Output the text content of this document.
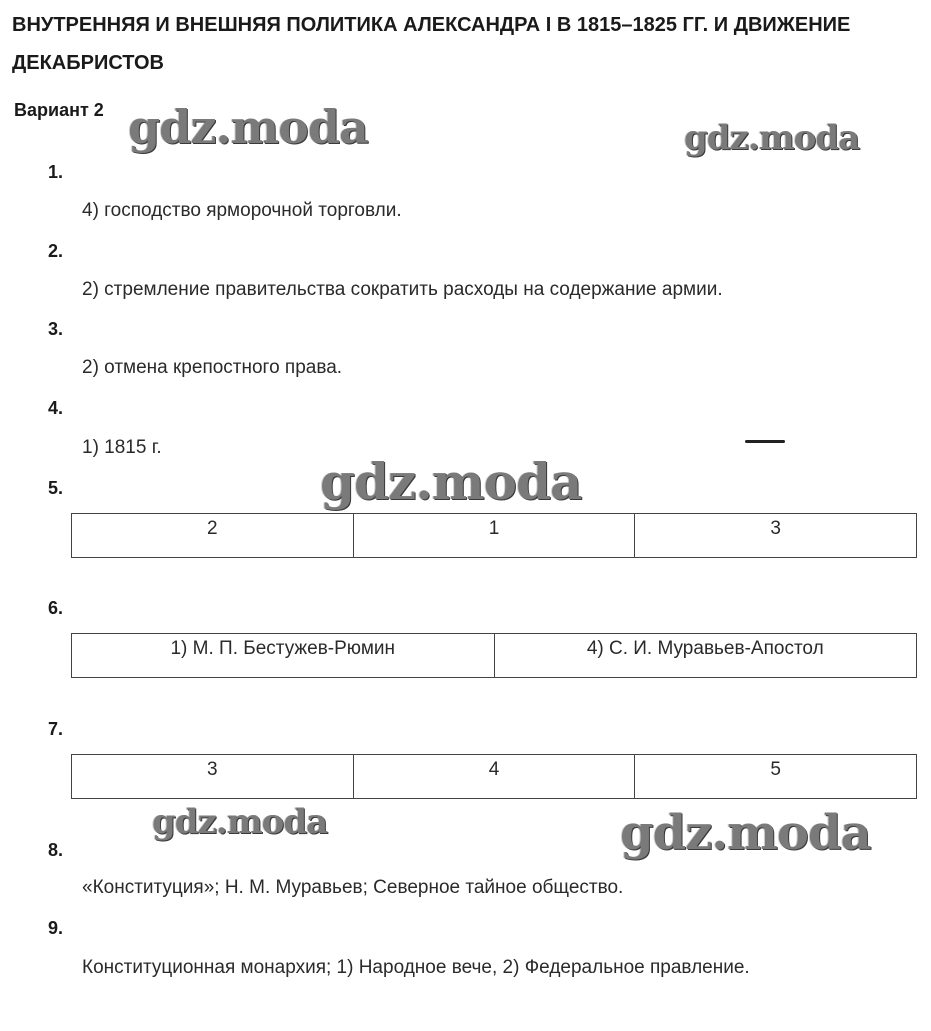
ВНУТРЕННЯЯ И ВНЕШНЯЯ ПОЛИТИКА АЛЕКСАНДРА I В 1815–1825 ГГ. И ДВИЖЕНИЕ ДЕКАБРИСТОВ
Вариант 2
1.
4) господство ярморочной торговли.
2.
2) стремление правительства сократить расходы на содержание армии.
3.
2) отмена крепостного права.
4.
1) 1815 г.
5.
2	1	3
6.
1) М. П. Бестужев-Рюмин	4) С. И. Муравьев-Апостол
7.
3	4	5
8.
«Конституция»; Н. М. Муравьев; Северное тайное общество.
9.
Конституционная монархия; 1) Народное вече, 2) Федеральное правление.
gdz.moda	gdz.moda
gdz.moda
gdz.moda	gdz.moda
